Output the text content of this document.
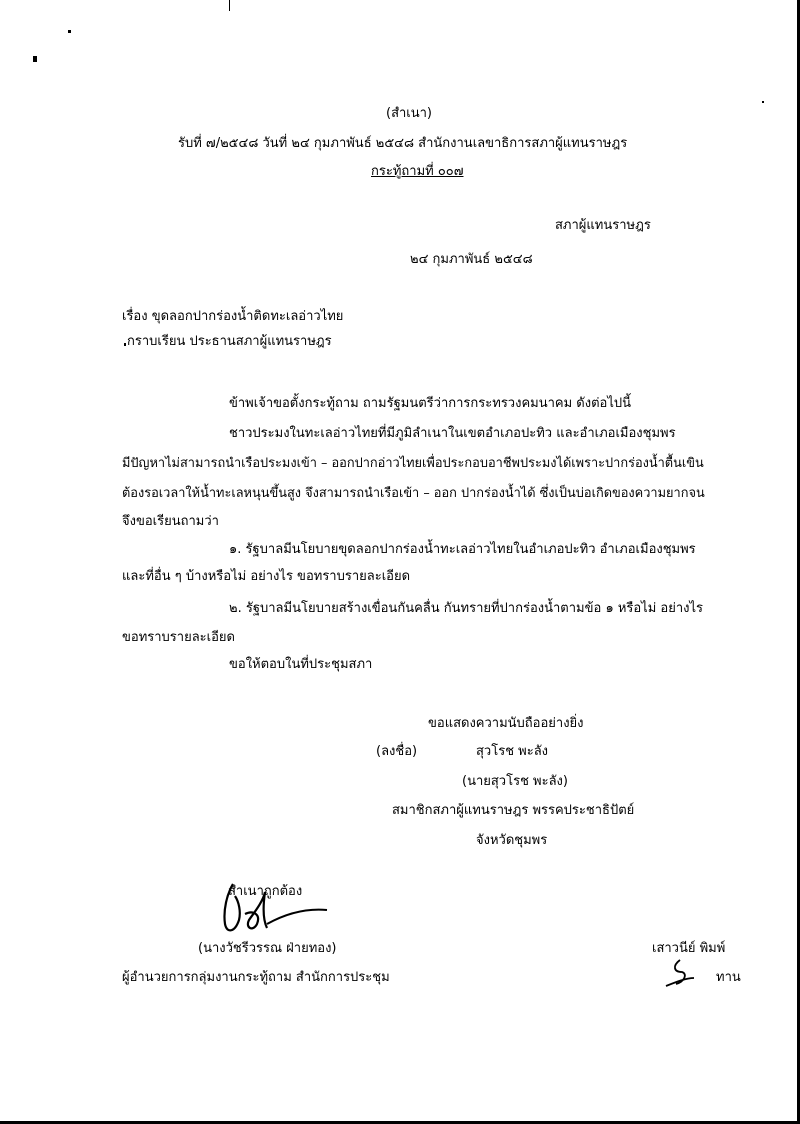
(สำเนา)
รับที่ ๗/๒๕๔๘ วันที่ ๒๔ กุมภาพันธ์ ๒๕๔๘ สำนักงานเลขาธิการสภาผู้แทนราษฎร
กระทู้ถามที่ ๐๐๗
สภาผู้แทนราษฎร
๒๔ กุมภาพันธ์ ๒๕๔๘
เรื่อง ขุดลอกปากร่องน้ำติดทะเลอ่าวไทย
กราบเรียน ประธานสภาผู้แทนราษฎร
ข้าพเจ้าขอตั้งกระทู้ถาม ถามรัฐมนตรีว่าการกระทรวงคมนาคม ดังต่อไปนี้
ชาวประมงในทะเลอ่าวไทยที่มีภูมิลำเนาในเขตอำเภอปะทิว และอำเภอเมืองชุมพร
มีปัญหาไม่สามารถนำเรือประมงเข้า – ออกปากอ่าวไทยเพื่อประกอบอาชีพประมงได้เพราะปากร่องน้ำตื้นเขิน
ต้องรอเวลาให้น้ำทะเลหนุนขึ้นสูง จึงสามารถนำเรือเข้า – ออก ปากร่องน้ำได้ ซึ่งเป็นบ่อเกิดของความยากจน
จึงขอเรียนถามว่า
๑. รัฐบาลมีนโยบายขุดลอกปากร่องน้ำทะเลอ่าวไทยในอำเภอปะทิว อำเภอเมืองชุมพร
และที่อื่น ๆ บ้างหรือไม่ อย่างไร ขอทราบรายละเอียด
๒. รัฐบาลมีนโยบายสร้างเขื่อนกันคลื่น กันทรายที่ปากร่องน้ำตามข้อ ๑ หรือไม่ อย่างไร
ขอทราบรายละเอียด
ขอให้ตอบในที่ประชุมสภา
ขอแสดงความนับถืออย่างยิ่ง
(ลงชื่อ)	สุวโรช พะลัง
(นายสุวโรช พะลัง)
สมาชิกสภาผู้แทนราษฎร พรรคประชาธิปัตย์
จังหวัดชุมพร
สำเนาถูกต้อง
(นางวัชรีวรรณ ฝ่ายทอง)
ผู้อำนวยการกลุ่มงานกระทู้ถาม สำนักการประชุม
เสาวนีย์ พิมพ์
ทาน
